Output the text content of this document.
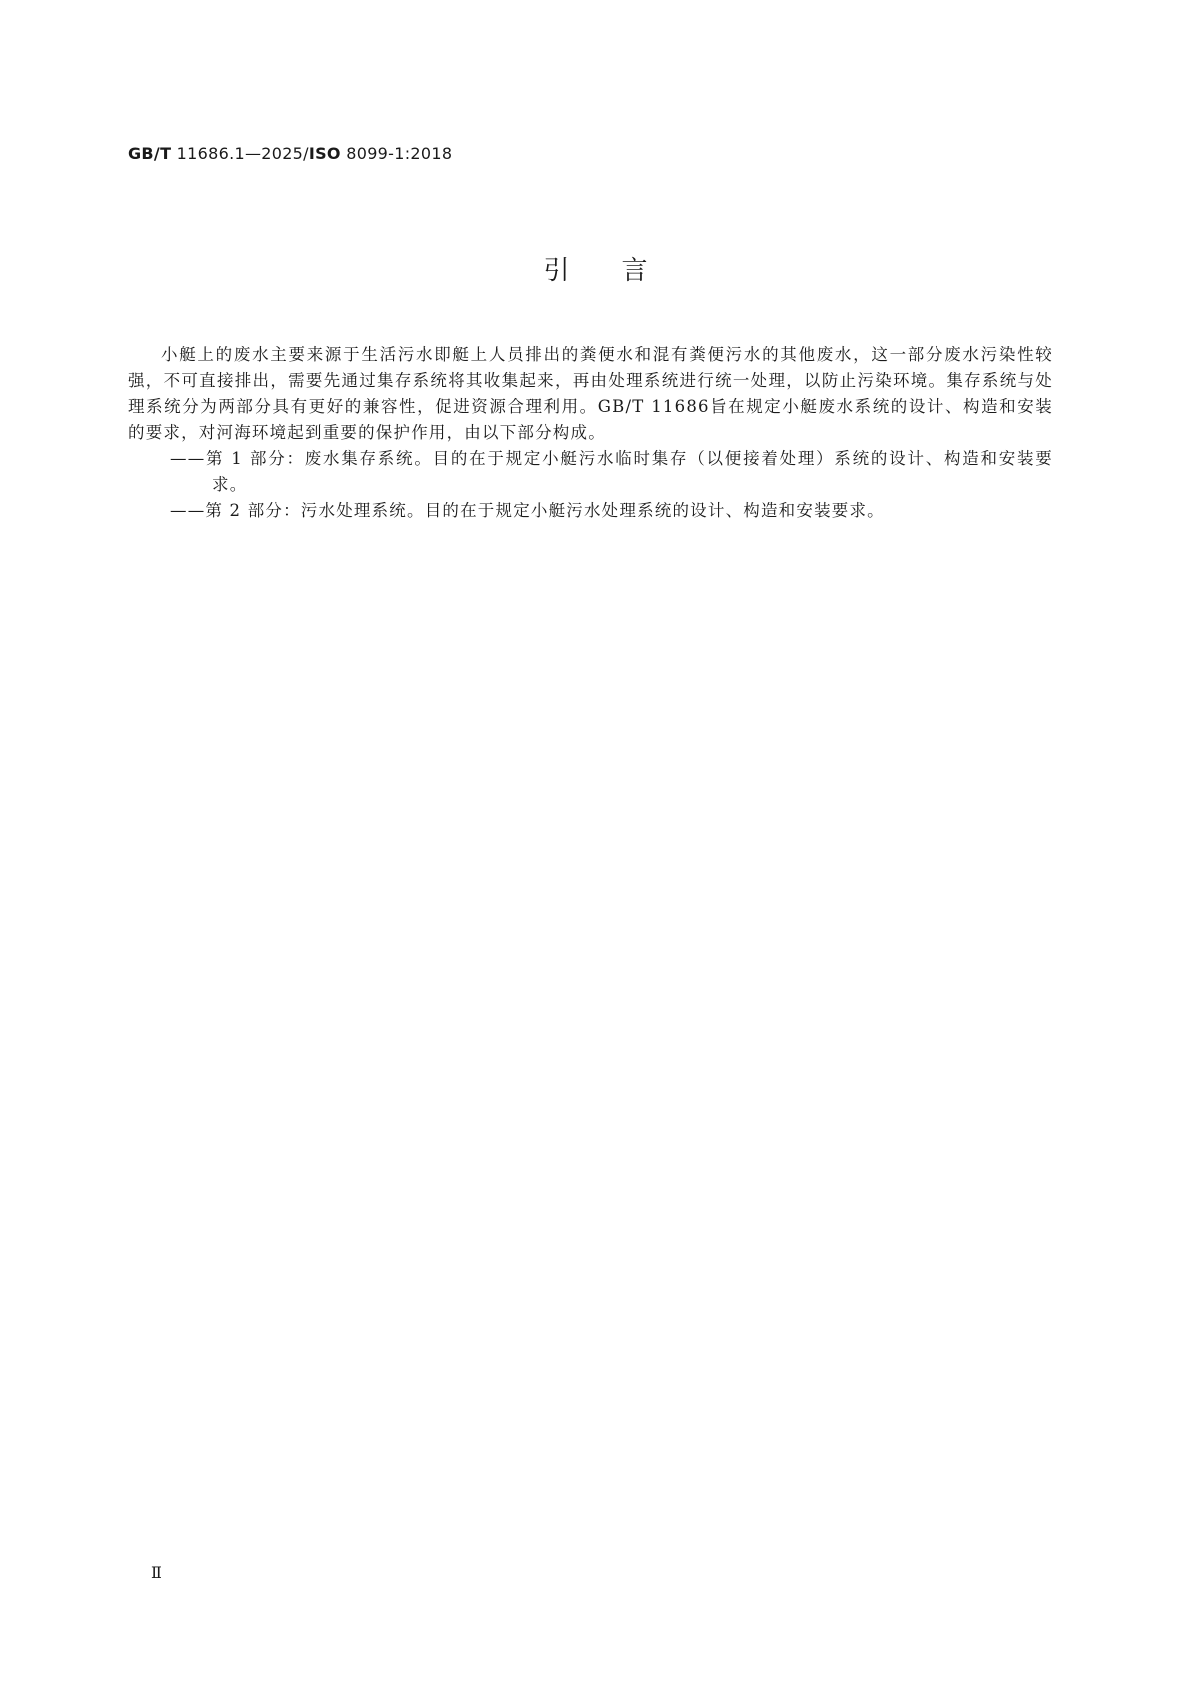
GB/T 11686.1—2025/ISO 8099-1:2018
引言

小艇上的废水主要来源于生活污水即艇上人员排出的粪便水和混有粪便污水的其他废水，这一部分废水污染性较强，不可直接排出，需要先通过集存系统将其收集起来，再由处理系统进行统一处理，以防止污染环境。集存系统与处理系统分为两部分具有更好的兼容性，促进资源合理利用。GB/T 11686旨在规定小艇废水系统的设计、构造和安装的要求，对河海环境起到重要的保护作用，由以下部分构成。

——第 1 部分：废水集存系统。目的在于规定小艇污水临时集存（以便接着处理）系统的设计、构造和安装要求。

——第 2 部分：污水处理系统。目的在于规定小艇污水处理系统的设计、构造和安装要求。

Ⅱ
